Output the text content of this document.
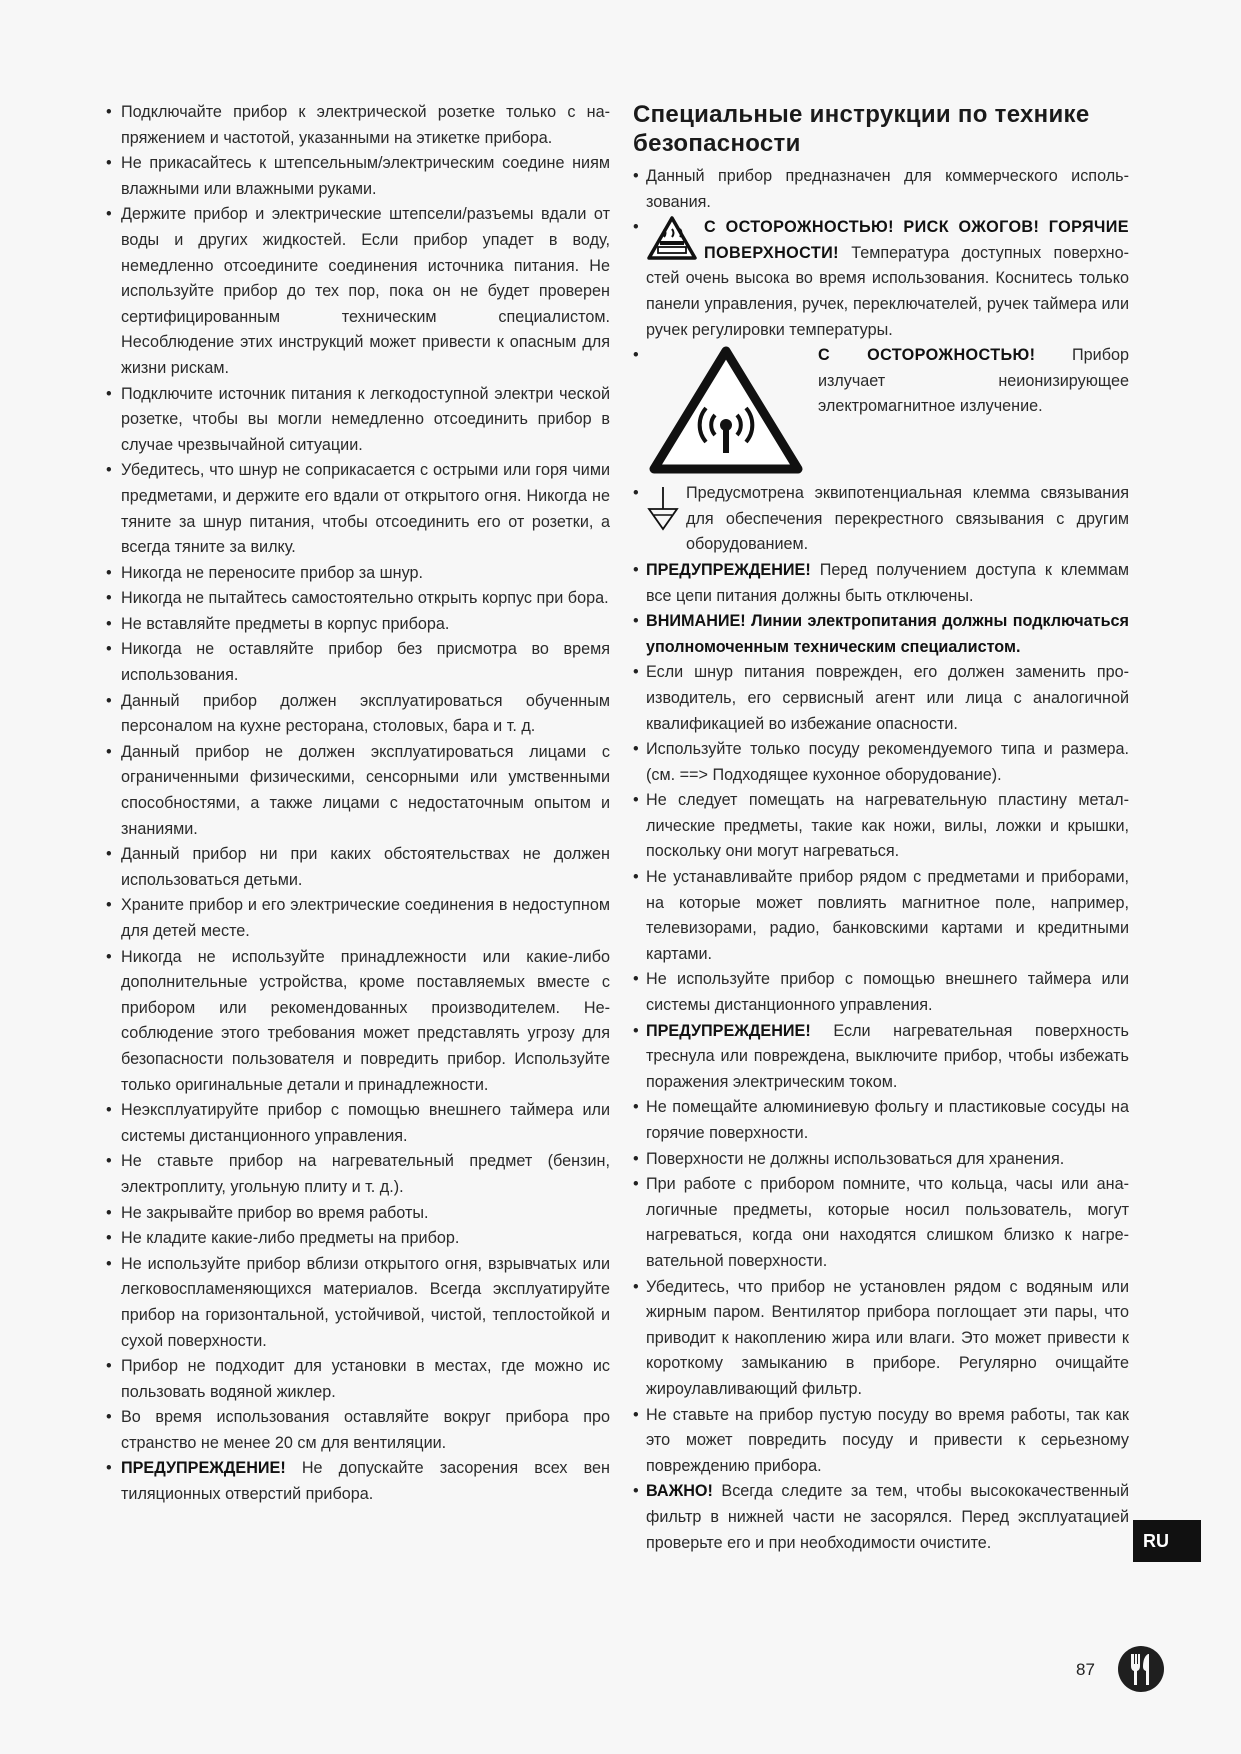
• Подключайте прибор к электрической розетке только с напряжением и частотой, указанными на этикетке прибора.
• Не прикасайтесь к штепсельным/электрическим соедине ниям влажными или влажными руками.
• Держите прибор и электрические штепсели/разъемы вдали от воды и других жидкостей. Если прибор упадет в воду, немедленно отсоедините соединения источника питания. Не используйте прибор до тех пор, пока он не будет проверен сертифицированным техническим специалистом. Несоблюдение этих инструкций может привести к опасным для жизни рискам.
• Подключите источник питания к легкодоступной электри ческой розетке, чтобы вы могли немедленно отсоединить прибор в случае чрезвычайной ситуации.
• Убедитесь, что шнур не соприкасается с острыми или горя чими предметами, и держите его вдали от открытого огня. Никогда не тяните за шнур питания, чтобы отсоединить его от розетки, а всегда тяните за вилку.
• Никогда не переносите прибор за шнур.
• Никогда не пытайтесь самостоятельно открыть корпус при бора.
• Не вставляйте предметы в корпус прибора.
• Никогда не оставляйте прибор без присмотра во время использования.
• Данный прибор должен эксплуатироваться обученным персоналом на кухне ресторана, столовых, бара и т. д.
• Данный прибор не должен эксплуатироваться лицами с ограниченными физическими, сенсорными или умственными способностями, а также лицами с недостаточным опытом и знаниями.
• Данный прибор ни при каких обстоятельствах не должен использоваться детьми.
• Храните прибор и его электрические соединения в недоступном для детей месте.
• Никогда не используйте принадлежности или какие-либо дополнительные устройства, кроме поставляемых вместе с прибором или рекомендованных производителем. Несоблюдение этого требования может представлять угрозу для безопасности пользователя и повредить прибор. Используйте только оригинальные детали и принадлежности.
• Неэксплуатируйте прибор с помощью внешнего таймера или системы дистанционного управления.
• Не ставьте прибор на нагревательный предмет (бензин, электроплиту, угольную плиту и т. д.).
• Не закрывайте прибор во время работы.
• Не кладите какие-либо предметы на прибор.
• Не используйте прибор вблизи открытого огня, взрывчатых или легковоспламеняющихся материалов. Всегда эксплуатируйте прибор на горизонтальной, устойчивой, чистой, теплостойкой и сухой поверхности.
• Прибор не подходит для установки в местах, где можно ис пользовать водяной жиклер.
• Во время использования оставляйте вокруг прибора про странство не менее 20 см для вентиляции.
• ПРЕДУПРЕЖДЕНИЕ! Не допускайте засорения всех вен тиляционных отверстий прибора.
Специальные инструкции по технике безопасности
• Данный прибор предназначен для коммерческого использования.
• С ОСТОРОЖНОСТЬЮ! РИСК ОЖОГОВ! ГОРЯЧИЕ ПОВЕРХНОСТИ! Температура доступных поверхностей очень высока во время использования. Коснитесь только панели управления, ручек, переключателей, ручек таймера или ручек регулировки температуры.
• С ОСТОРОЖНОСТЬЮ! Прибор излучает неионизирующее электромагнитное излучение.
• Предусмотрена эквипотенциальная клемма связывания для обеспечения перекрестного связывания с другим оборудованием.
• ПРЕДУПРЕЖДЕНИЕ! Перед получением доступа к клеммам все цепи питания должны быть отключены.
• ВНИМАНИЕ! Линии электропитания должны подключаться уполномоченным техническим специалистом.
• Если шнур питания поврежден, его должен заменить производитель, его сервисный агент или лица с аналогичной квалификацией во избежание опасности.
• Используйте только посуду рекомендуемого типа и размера. (см. ==> Подходящее кухонное оборудование).
• Не следует помещать на нагревательную пластину металлические предметы, такие как ножи, вилы, ложки и крышки, поскольку они могут нагреваться.
• Не устанавливайте прибор рядом с предметами и приборами, на которые может повлиять магнитное поле, например, телевизорами, радио, банковскими картами и кредитными картами.
• Не используйте прибор с помощью внешнего таймера или системы дистанционного управления.
• ПРЕДУПРЕЖДЕНИЕ! Если нагревательная поверхность треснула или повреждена, выключите прибор, чтобы избежать поражения электрическим током.
• Не помещайте алюминиевую фольгу и пластиковые сосуды на горячие поверхности.
• Поверхности не должны использоваться для хранения.
• При работе с прибором помните, что кольца, часы или аналогичные предметы, которые носил пользователь, могут нагреваться, когда они находятся слишком близко к нагревательной поверхности.
• Убедитесь, что прибор не установлен рядом с водяным или жирным паром. Вентилятор прибора поглощает эти пары, что приводит к накоплению жира или влаги. Это может привести к короткому замыканию в приборе. Регулярно очищайте жироулавливающий фильтр.
• Не ставьте на прибор пустую посуду во время работы, так как это может повредить посуду и привести к серьезному повреждению прибора.
• ВАЖНО! Всегда следите за тем, чтобы высококачественный фильтр в нижней части не засорялся. Перед эксплуатацией проверьте его и при необходимости очистите.	RU
87
